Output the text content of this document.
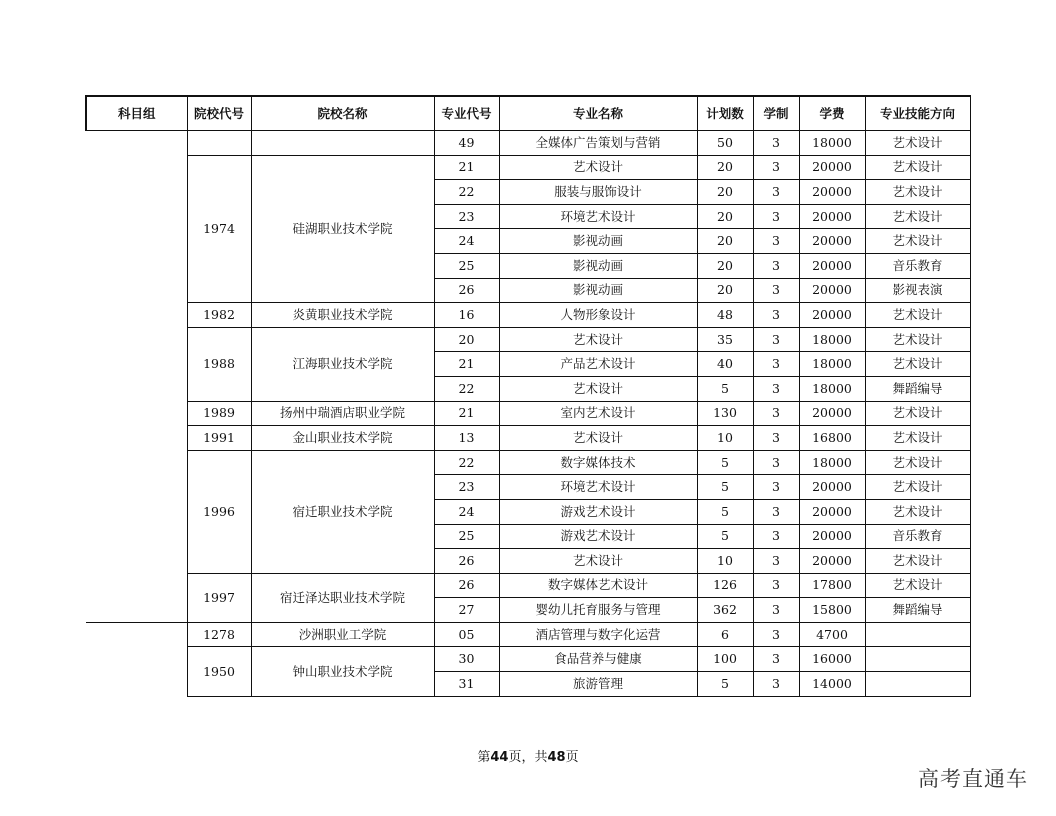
科目组	院校代号	院校名称	专业代号	专业名称	计划数	学制	学费	专业技能方向
			49	全媒体广告策划与营销	50	3	18000	艺术设计
	1974	硅湖职业技术学院	21	艺术设计	20	3	20000	艺术设计
			22	服装与服饰设计	20	3	20000	艺术设计
			23	环境艺术设计	20	3	20000	艺术设计
			24	影视动画	20	3	20000	艺术设计
			25	影视动画	20	3	20000	音乐教育
			26	影视动画	20	3	20000	影视表演
	1982	炎黄职业技术学院	16	人物形象设计	48	3	20000	艺术设计
	1988	江海职业技术学院	20	艺术设计	35	3	18000	艺术设计
			21	产品艺术设计	40	3	18000	艺术设计
			22	艺术设计	5	3	18000	舞蹈编导
	1989	扬州中瑞酒店职业学院	21	室内艺术设计	130	3	20000	艺术设计
	1991	金山职业技术学院	13	艺术设计	10	3	16800	艺术设计
	1996	宿迁职业技术学院	22	数字媒体技术	5	3	18000	艺术设计
			23	环境艺术设计	5	3	20000	艺术设计
			24	游戏艺术设计	5	3	20000	艺术设计
			25	游戏艺术设计	5	3	20000	音乐教育
			26	艺术设计	10	3	20000	艺术设计
	1997	宿迁泽达职业技术学院	26	数字媒体艺术设计	126	3	17800	艺术设计
			27	婴幼儿托育服务与管理	362	3	15800	舞蹈编导
	1278	沙洲职业工学院	05	酒店管理与数字化运营	6	3	4700	
	1950	钟山职业技术学院	30	食品营养与健康	100	3	16000	
			31	旅游管理	5	3	14000	
第44页，共48页
高考直通车
